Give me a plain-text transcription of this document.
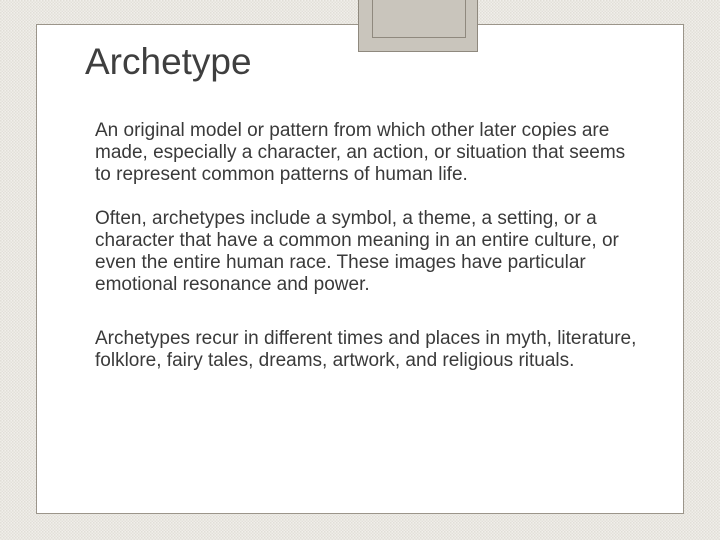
Archetype

An original model or pattern from which other later copies are made, especially a character, an action, or situation that seems to represent common patterns of human life.

Often, archetypes include a symbol, a theme, a setting, or a character that have a common meaning in an entire culture, or even the entire human race. These images have particular emotional resonance and power.

Archetypes recur in different times and places in myth, literature, folklore, fairy tales, dreams, artwork, and religious rituals.
